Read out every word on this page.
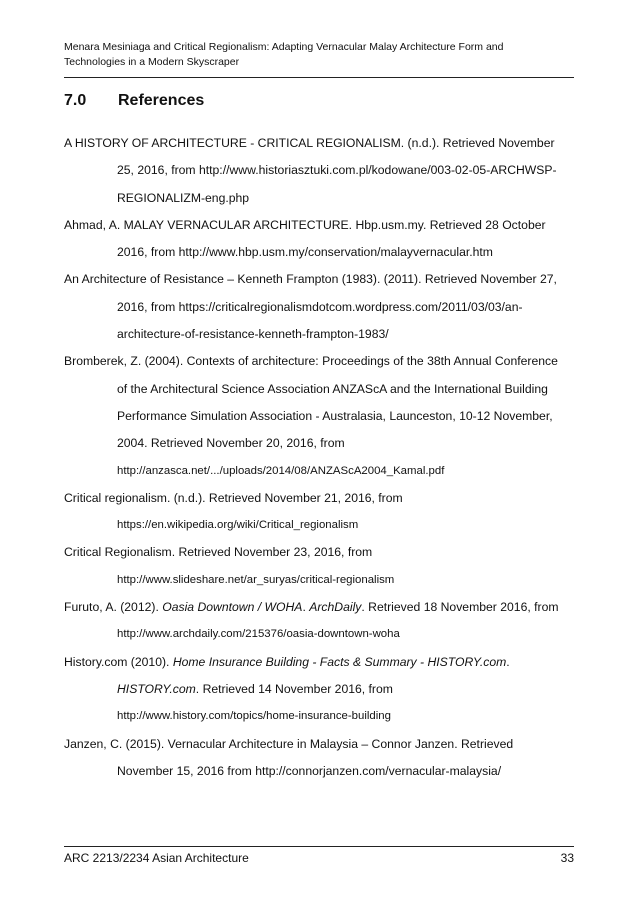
Menara Mesiniaga and Critical Regionalism: Adapting Vernacular Malay Architecture Form and
Technologies in a Modern Skyscraper
7.0 References

A HISTORY OF ARCHITECTURE - CRITICAL REGIONALISM. (n.d.). Retrieved November
25, 2016, from http://www.historiasztuki.com.pl/kodowane/003-02-05-ARCHWSP-
REGIONALIZM-eng.php

Ahmad, A. MALAY VERNACULAR ARCHITECTURE. Hbp.usm.my. Retrieved 28 October
2016, from http://www.hbp.usm.my/conservation/malayvernacular.htm

An Architecture of Resistance – Kenneth Frampton (1983). (2011). Retrieved November 27,
2016, from https://criticalregionalismdotcom.wordpress.com/2011/03/03/an-
architecture-of-resistance-kenneth-frampton-1983/

Bromberek, Z. (2004). Contexts of architecture: Proceedings of the 38th Annual Conference
of the Architectural Science Association ANZAScA and the International Building
Performance Simulation Association - Australasia, Launceston, 10-12 November,
2004. Retrieved November 20, 2016, from
http://anzasca.net/.../uploads/2014/08/ANZAScA2004_Kamal.pdf

Critical regionalism. (n.d.). Retrieved November 21, 2016, from
https://en.wikipedia.org/wiki/Critical_regionalism

Critical Regionalism. Retrieved November 23, 2016, from
http://www.slideshare.net/ar_suryas/critical-regionalism

Furuto, A. (2012). Oasia Downtown / WOHA. ArchDaily. Retrieved 18 November 2016, from
http://www.archdaily.com/215376/oasia-downtown-woha

History.com (2010). Home Insurance Building - Facts & Summary - HISTORY.com.
HISTORY.com. Retrieved 14 November 2016, from
http://www.history.com/topics/home-insurance-building

Janzen, C. (2015). Vernacular Architecture in Malaysia – Connor Janzen. Retrieved
November 15, 2016 from http://connorjanzen.com/vernacular-malaysia/

ARC 2213/2234 Asian Architecture	33
